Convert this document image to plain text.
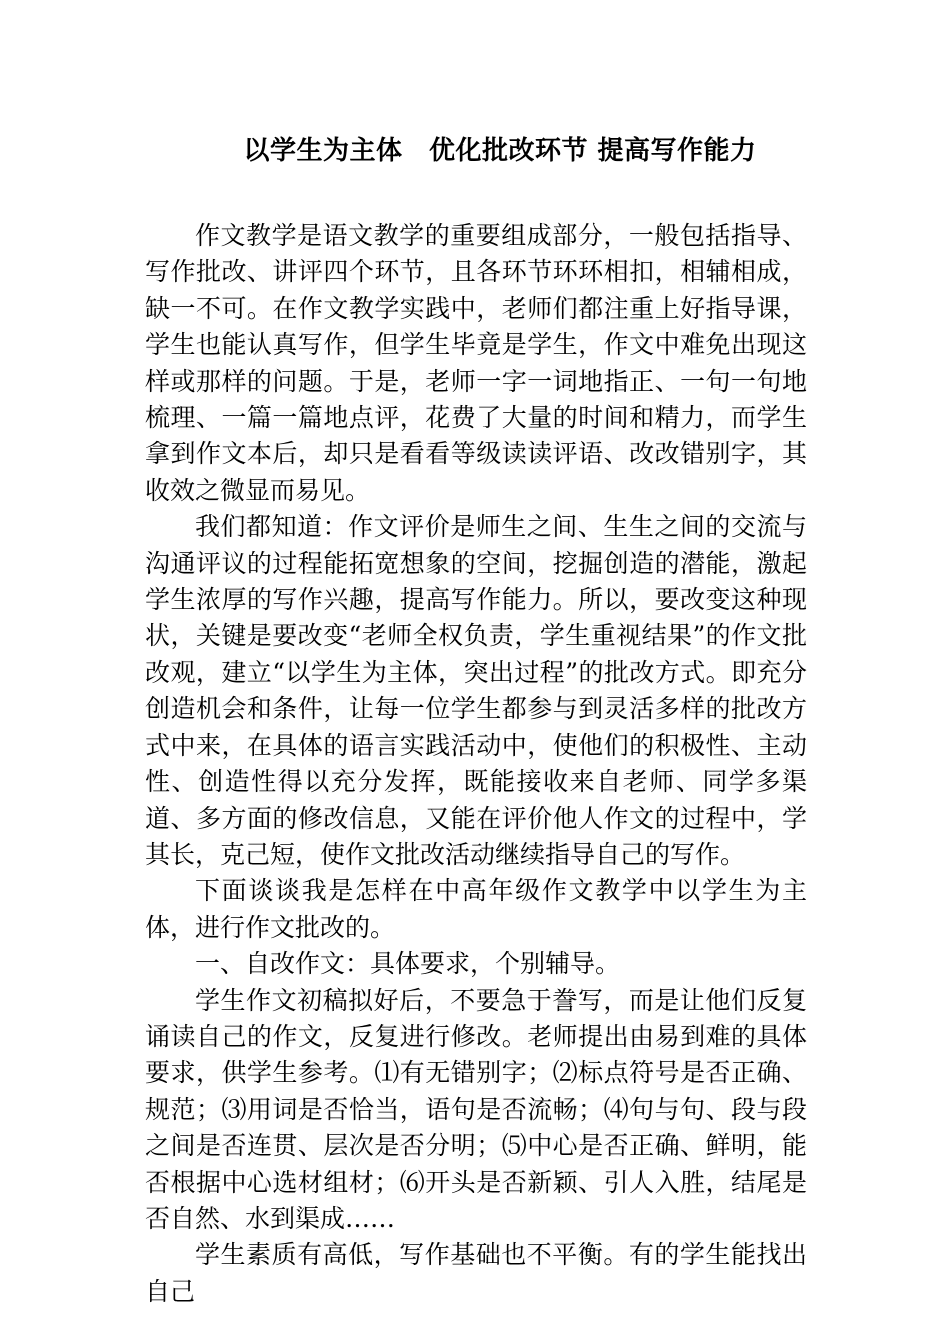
以学生为主体　优化批改环节 提高写作能力

作文教学是语文教学的重要组成部分，一般包括指导、写作批改、讲评四个环节，且各环节环环相扣，相辅相成，缺一不可。在作文教学实践中，老师们都注重上好指导课，学生也能认真写作，但学生毕竟是学生，作文中难免出现这样或那样的问题。于是，老师一字一词地指正、一句一句地梳理、一篇一篇地点评，花费了大量的时间和精力，而学生拿到作文本后，却只是看看等级读读评语、改改错别字，其收效之微显而易见。

我们都知道：作文评价是师生之间、生生之间的交流与沟通评议的过程能拓宽想象的空间，挖掘创造的潜能，激起学生浓厚的写作兴趣，提高写作能力。所以，要改变这种现状，关键是要改变“老师全权负责，学生重视结果”的作文批改观，建立“以学生为主体，突出过程”的批改方式。即充分创造机会和条件，让每一位学生都参与到灵活多样的批改方式中来，在具体的语言实践活动中，使他们的积极性、主动性、创造性得以充分发挥，既能接收来自老师、同学多渠道、多方面的修改信息，又能在评价他人作文的过程中，学其长，克己短，使作文批改活动继续指导自己的写作。

下面谈谈我是怎样在中高年级作文教学中以学生为主体，进行作文批改的。

一、自改作文：具体要求，个别辅导。

学生作文初稿拟好后，不要急于誊写，而是让他们反复诵读自己的作文，反复进行修改。老师提出由易到难的具体要求，供学生参考。⑴有无错别字；⑵标点符号是否正确、规范；⑶用词是否恰当，语句是否流畅；⑷句与句、段与段之间是否连贯、层次是否分明；⑸中心是否正确、鲜明，能否根据中心选材组材；⑹开头是否新颖、引人入胜，结尾是否自然、水到渠成……

学生素质有高低，写作基础也不平衡。有的学生能找出自己
